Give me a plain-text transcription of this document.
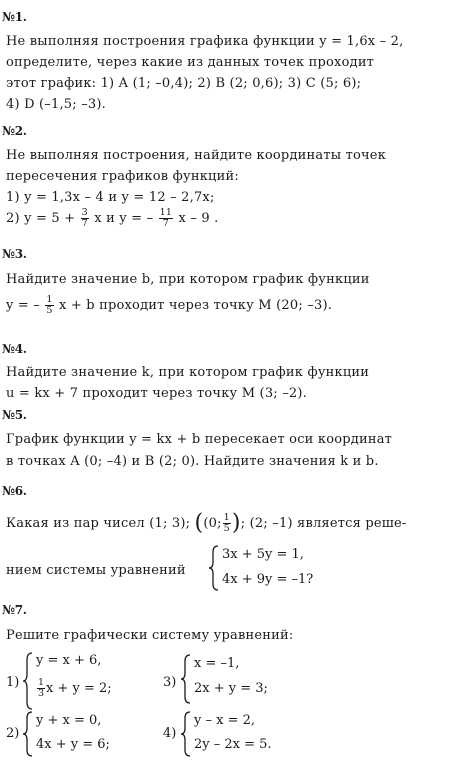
№1.
Не выполняя построения графика функции y = 1,6x – 2,
определите, через какие из данных точек проходит
этот график: 1) A (1; –0,4); 2) B (2; 0,6); 3) C (5; 6);
4) D (–1,5; –3).
№2.
Не выполняя построения, найдите координаты точек
пересечения графиков функций:
1) y = 1,3x – 4 и y = 12 – 2,7x;
2) $y = 5 + \frac{3}{7}$ x и y = – $\frac{11}{7}$ x – 9 .
№3.
Найдите значение b, при котором график функции
y = – $\frac{1}{5}$ x + b проходит через точку M (20; –3).
№4.
Найдите значение k, при котором график функции
u = kx + 7 проходит через точку M (3; –2).
№5.
График функции y = kx + b пересекает оси координат
в точках A (0; –4) и B (2; 0). Найдите значения k и b.
№6.
Какая из пар чисел (1; 3); ((0; $\frac{1}{5}$ ); (2; –1) является реше-
нием системы уравнений
3x + 5y = 1,
4x + 9y = –1?
№7.
Решите графически систему уравнений:
1)
y = x + 6,
$\frac{1}{3}$ x + y = 2;	3)
x = –1,
2x + y = 3;
2)
y + x = 0,
4x + y = 6;
4)
y – x = 2,
2y – 2x = 5.
